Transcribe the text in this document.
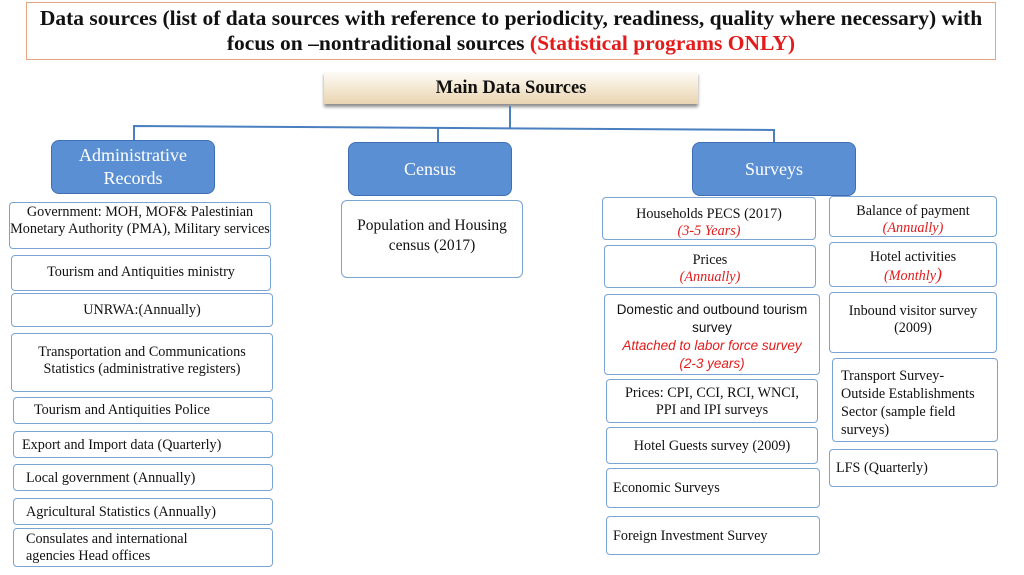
Data sources (list of data sources with reference to periodicity, readiness, quality where necessary) with focus on –nontraditional sources (Statistical programs ONLY)
Main Data Sources
Administrative Records	Census	Surveys
Government: MOH, MOF& Palestinian Monetary Authority (PMA), Military services
Tourism and Antiquities ministry
UNRWA:(Annually)
Transportation and Communications Statistics (administrative registers)
Tourism and Antiquities Police
Export and Import data (Quarterly)
Local government (Annually)
Agricultural Statistics (Annually)
Consulates and international agencies Head offices
Population and Housing census (2017)
Households PECS (2017)
(3-5 Years)
Prices
(Annually)
Domestic and outbound tourism survey
Attached to labor force survey (2-3 years)
Prices: CPI, CCI, RCI, WNCI, PPI and IPI surveys
Hotel Guests survey (2009)
Economic Surveys
Foreign Investment Survey
Balance of payment
(Annually)
Hotel activities
(Monthly)
Inbound visitor survey (2009)
Transport Survey- Outside Establishments Sector (sample field surveys)
LFS (Quarterly)
